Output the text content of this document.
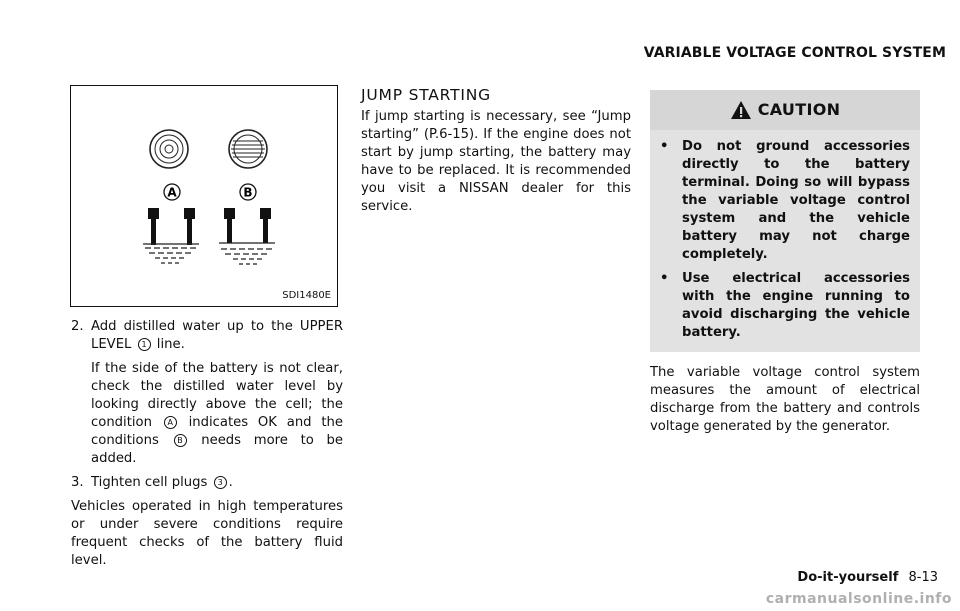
VARIABLE VOLTAGE CONTROL SYSTEM
A	B
SDI1480E
2. Add distilled water up to the UPPER LEVEL 1 line.

If the side of the battery is not clear, check the distilled water level by looking directly above the cell; the condition A indicates OK and the conditions B needs more to be added.

3. Tighten cell plugs 3 .

Vehicles operated in high temperatures or under severe conditions require frequent checks of the battery fluid level.

JUMP STARTING

If jump starting is necessary, see “Jump starting” (P.6-15). If the engine does not start by jump starting, the battery may have to be replaced. It is recommended you visit a NISSAN dealer for this service.

CAUTION
•	Do not ground accessories directly to the battery terminal. Doing so will bypass the variable voltage control system and the vehicle battery may not charge completely.
•	Use electrical accessories with the engine running to avoid discharging the vehicle battery.

The variable voltage control system measures the amount of electrical discharge from the battery and controls voltage generated by the generator.

Do-it-yourself 8-13
carmanualsonline.info
